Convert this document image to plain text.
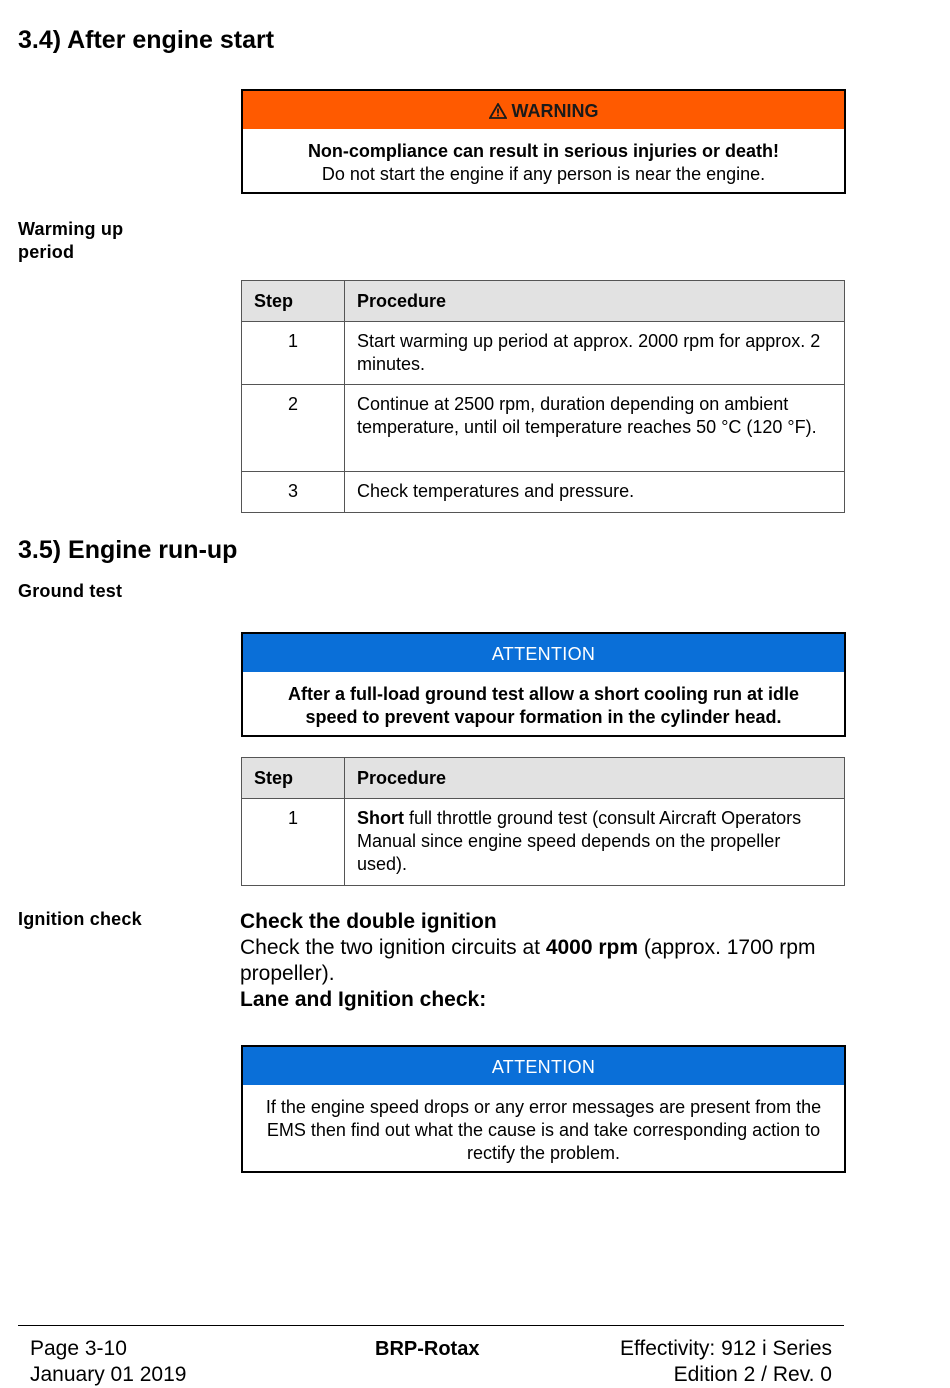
3.4) After engine start
WARNING
Non-compliance can result in serious injuries or death!
Do not start the engine if any person is near the engine.
Warming up period
Step	Procedure
1	Start warming up period at approx. 2000 rpm for approx. 2 minutes.
2	Continue at 2500 rpm, duration depending on ambient temperature, until oil temperature reaches 50 °C (120 °F).
3	Check temperatures and pressure.
3.5) Engine run-up
Ground test
ATTENTION
After a full-load ground test allow a short cooling run at idle speed to prevent vapour formation in the cylinder head.
Step	Procedure
1	Short full throttle ground test (consult Aircraft Operators Manual since engine speed depends on the propeller used).
Ignition check	Check the double ignition
Check the two ignition circuits at 4000 rpm (approx. 1700 rpm propeller).
Lane and Ignition check:
ATTENTION
If the engine speed drops or any error messages are present from the EMS then find out what the cause is and take corresponding action to rectify the problem.
Page 3-10
January 01 2019
BRP-Rotax	Effectivity: 912 i Series
Edition 2 / Rev. 0
